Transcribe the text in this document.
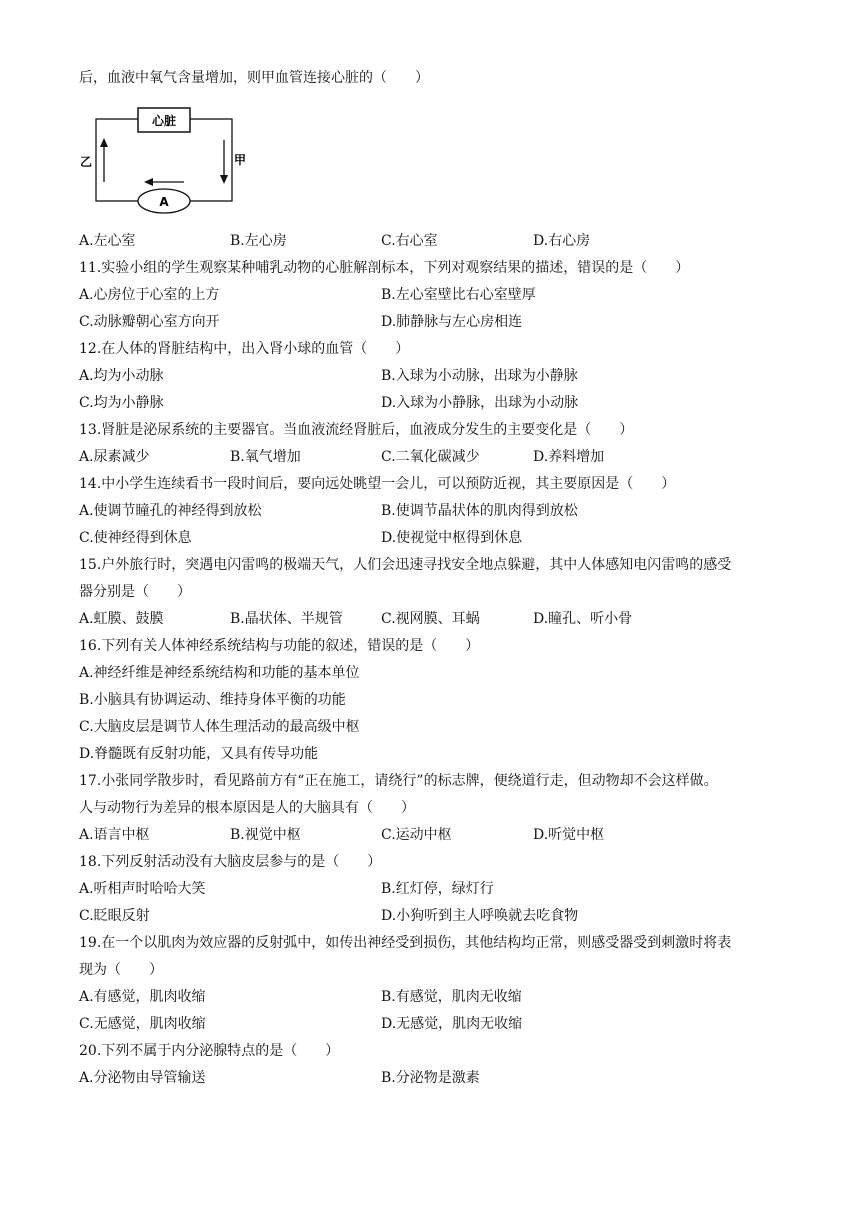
后，血液中氧气含量增加，则甲血管连接心脏的（　　）
心脏
A
乙	甲
A.左心室	B.左心房	C.右心室	D.右心房
11.实验小组的学生观察某种哺乳动物的心脏解剖标本，下列对观察结果的描述，错误的是（　　）
A.心房位于心室的上方	B.左心室壁比右心室壁厚
C.动脉瓣朝心室方向开	D.肺静脉与左心房相连
12.在人体的肾脏结构中，出入肾小球的血管（　　）
A.均为小动脉	B.入球为小动脉，出球为小静脉
C.均为小静脉	D.入球为小静脉，出球为小动脉
13.肾脏是泌尿系统的主要器官。当血液流经肾脏后，血液成分发生的主要变化是（　　）
A.尿素减少	B.氧气增加	C.二氧化碳减少	D.养料增加
14.中小学生连续看书一段时间后，要向远处眺望一会儿，可以预防近视，其主要原因是（　　）
A.使调节瞳孔的神经得到放松	B.使调节晶状体的肌肉得到放松
C.使神经得到休息	D.使视觉中枢得到休息
15.户外旅行时，突遇电闪雷鸣的极端天气，人们会迅速寻找安全地点躲避，其中人体感知电闪雷鸣的感受
器分别是（　　）
A.虹膜、鼓膜	B.晶状体、半规管	C.视网膜、耳蜗	D.瞳孔、听小骨
16.下列有关人体神经系统结构与功能的叙述，错误的是（　　）
A.神经纤维是神经系统结构和功能的基本单位
B.小脑具有协调运动、维持身体平衡的功能
C.大脑皮层是调节人体生理活动的最高级中枢
D.脊髓既有反射功能，又具有传导功能
17.小张同学散步时，看见路前方有“正在施工，请绕行”的标志牌，便绕道行走，但动物却不会这样做。
人与动物行为差异的根本原因是人的大脑具有（　　）
A.语言中枢	B.视觉中枢	C.运动中枢	D.听觉中枢
18.下列反射活动没有大脑皮层参与的是（　　）
A.听相声时哈哈大笑	B.红灯停，绿灯行
C.眨眼反射	D.小狗听到主人呼唤就去吃食物
19.在一个以肌肉为效应器的反射弧中，如传出神经受到损伤，其他结构均正常，则感受器受到刺激时将表
现为（　　）
A.有感觉，肌肉收缩	B.有感觉，肌肉无收缩
C.无感觉，肌肉收缩	D.无感觉，肌肉无收缩
20.下列不属于内分泌腺特点的是（　　）
A.分泌物由导管输送	B.分泌物是激素
